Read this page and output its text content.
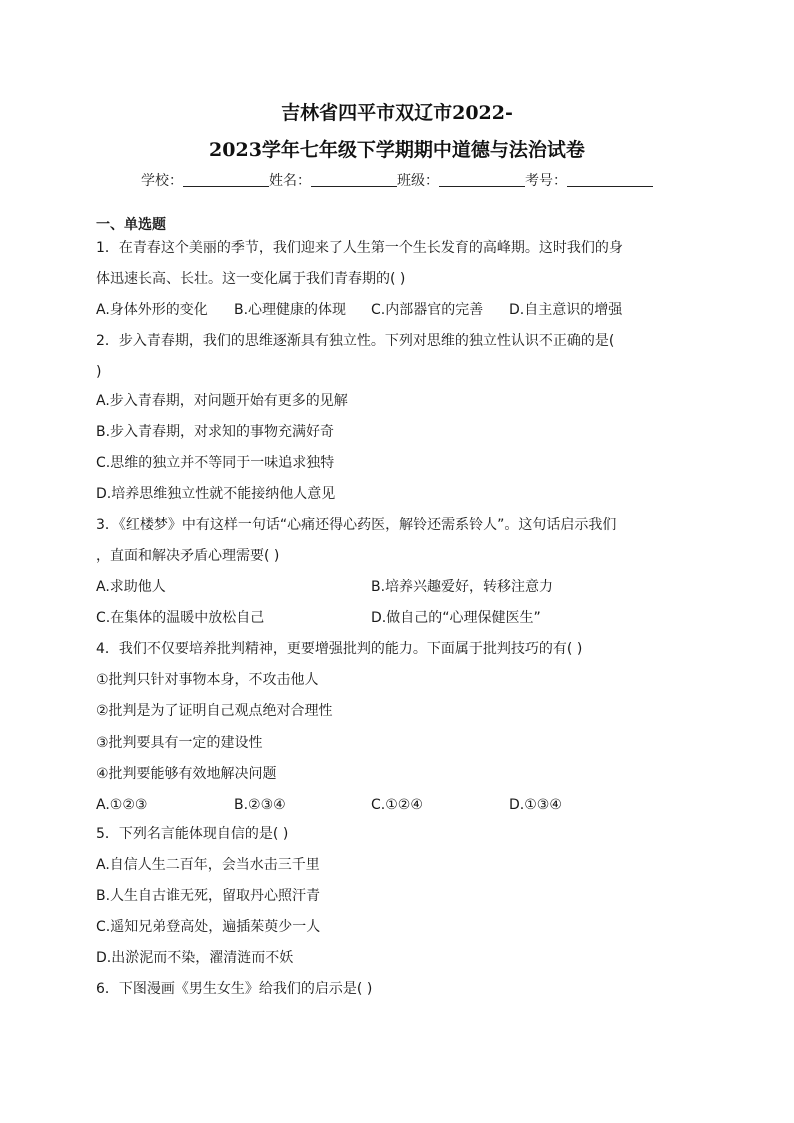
吉林省四平市双辽市2022-
2023学年七年级下学期期中道德与法治试卷
学校：	姓名：	班级：	考号：
一、单选题
1．在青春这个美丽的季节，我们迎来了人生第一个生长发育的高峰期。这时我们的身
体迅速长高、长壮。这一变化属于我们青春期的( )
A.身体外形的变化 B.心理健康的体现 C.内部器官的完善 D.自主意识的增强
2．步入青春期，我们的思维逐渐具有独立性。下列对思维的独立性认识不正确的是(
)
A.步入青春期，对问题开始有更多的见解
B.步入青春期，对求知的事物充满好奇
C.思维的独立并不等同于一味追求独特
D.培养思维独立性就不能接纳他人意见
3．《红楼梦》中有这样一句话“心痛还得心药医，解铃还需系铃人”。这句话启示我们
，直面和解决矛盾心理需要( )
A.求助他人	B.培养兴趣爱好，转移注意力
C.在集体的温暖中放松自己	D.做自己的“心理保健医生”
4．我们不仅要培养批判精神，更要增强批判的能力。下面属于批判技巧的有( )
①批判只针对事物本身，不攻击他人
②批判是为了证明自己观点绝对合理性
③批判要具有一定的建设性
④批判要能够有效地解决问题
A.①②③	B.②③④	C.①②④	D.①③④
5．下列名言能体现自信的是( )
A.自信人生二百年，会当水击三千里
B.人生自古谁无死，留取丹心照汗青
C.遥知兄弟登高处，遍插茱萸少一人
D.出淤泥而不染，濯清涟而不妖
6．下图漫画《男生女生》给我们的启示是( )
